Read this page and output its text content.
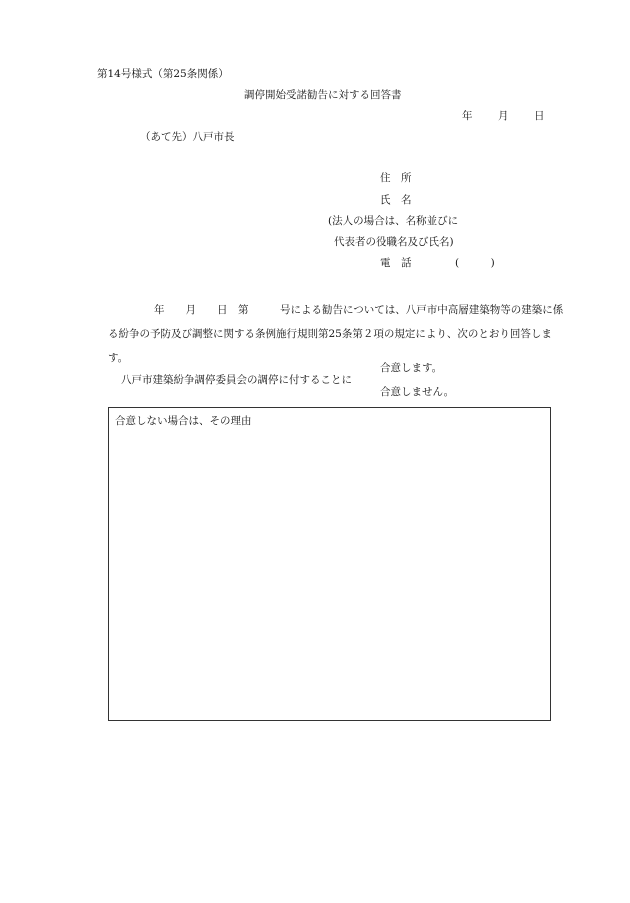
第14号様式（第25条関係）
調停開始受諾勧告に対する回答書
年 月 日
（あて先）八戸市長
住　所
氏　名
(法人の場合は、名称並びに
代表者の役職名及び氏名)
電　話	(　　　)
年　　月　　日　第　　　号による勧告については、八戸市中高層建築物等の建築に係る紛争の予防及び調整に関する条例施行規則第25条第２項の規定により、次のとおり回答します。
八戸市建築紛争調停委員会の調停に付することに
合意します。
合意しません。
合意しない場合は、その理由
